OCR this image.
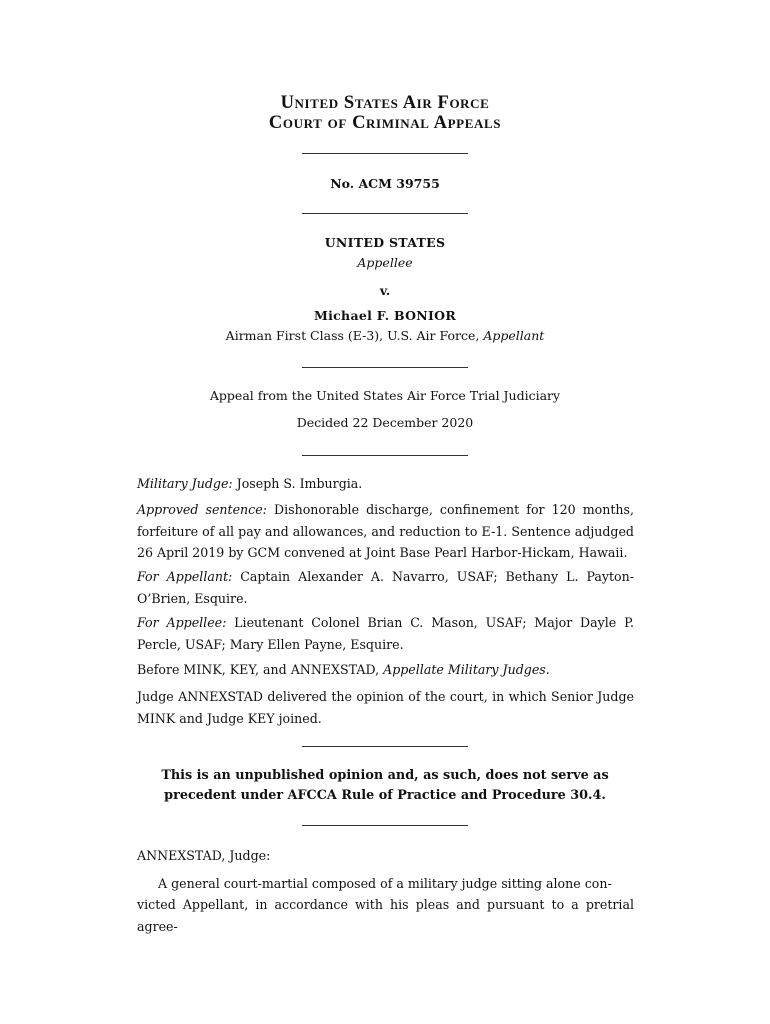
United States Air Force
Court of Criminal Appeals
No. ACM 39755
UNITED STATES
Appellee
v.
Michael F. BONIOR
Airman First Class (E-3), U.S. Air Force, Appellant
Appeal from the United States Air Force Trial Judiciary
Decided 22 December 2020
Military Judge: Joseph S. Imburgia.
Approved sentence: Dishonorable discharge, confinement for 120 months, forfeiture of all pay and allowances, and reduction to E-1. Sentence adjudged 26 April 2019 by GCM convened at Joint Base Pearl Harbor-Hickam, Hawaii.
For Appellant: Captain Alexander A. Navarro, USAF; Bethany L. Payton-O’Brien, Esquire.
For Appellee: Lieutenant Colonel Brian C. Mason, USAF; Major Dayle P. Percle, USAF; Mary Ellen Payne, Esquire.
Before MINK, KEY, and ANNEXSTAD, Appellate Military Judges.
Judge ANNEXSTAD delivered the opinion of the court, in which Senior Judge MINK and Judge KEY joined.
This is an unpublished opinion and, as such, does not serve as
precedent under AFCCA Rule of Practice and Procedure 30.4.
ANNEXSTAD, Judge:
A general court-martial composed of a military judge sitting alone con-
victed Appellant, in accordance with his pleas and pursuant to a pretrial agree-
